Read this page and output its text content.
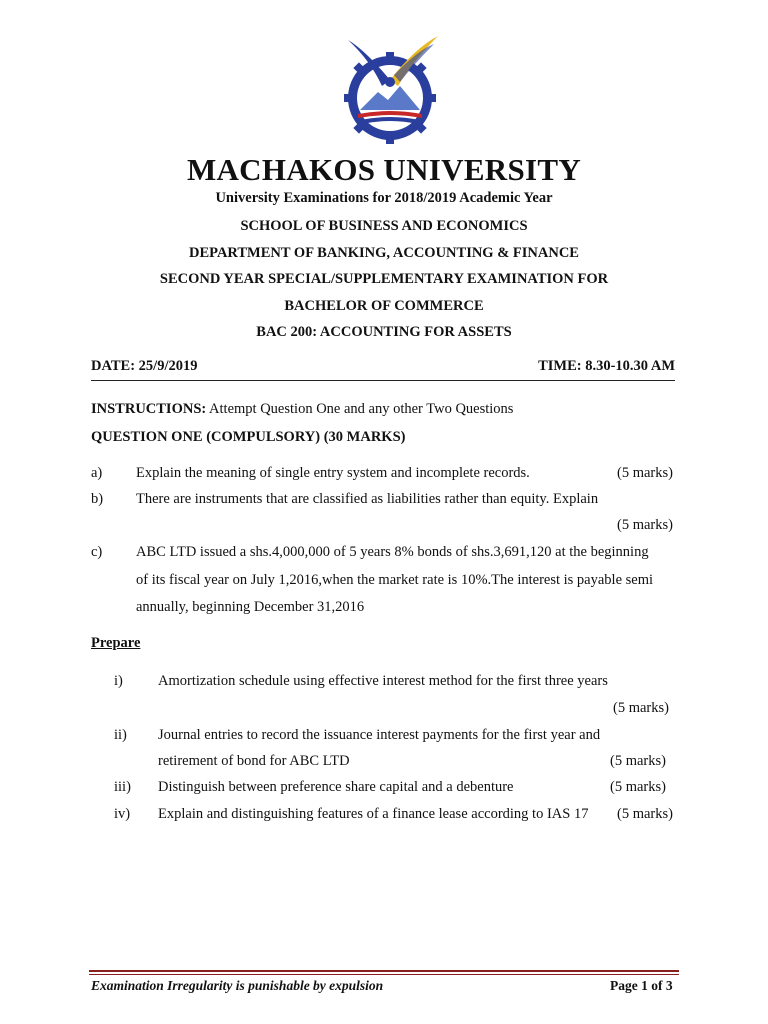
MACHAKOS UNIVERSITY

University Examinations for 2018/2019 Academic Year

SCHOOL OF BUSINESS AND ECONOMICS

DEPARTMENT OF BANKING, ACCOUNTING & FINANCE

SECOND YEAR SPECIAL/SUPPLEMENTARY EXAMINATION FOR

BACHELOR OF COMMERCE

BAC 200: ACCOUNTING FOR ASSETS

DATE: 25/9/2019	TIME: 8.30-10.30 AM
INSTRUCTIONS: Attempt Question One and any other Two Questions
QUESTION ONE (COMPULSORY) (30 MARKS)
a) Explain the meaning of single entry system and incomplete records.	(5 marks)
b) There are instruments that are classified as liabilities rather than equity. Explain
(5 marks)
c) ABC LTD issued a shs.4,000,000 of 5 years 8% bonds of shs.3,691,120 at the beginning
of its fiscal year on July 1,2016,when the market rate is 10%.The interest is payable semi
annually, beginning December 31,2016
Prepare
i) Amortization schedule using effective interest method for the first three years
(5 marks)
ii) Journal entries to record the issuance interest payments for the first year and
retirement of bond for ABC LTD	(5 marks)
iii) Distinguish between preference share capital and a debenture	(5 marks)
iv) Explain and distinguishing features of a finance lease according to IAS 17 (5 marks)
Examination Irregularity is punishable by expulsion	Page 1 of 3
